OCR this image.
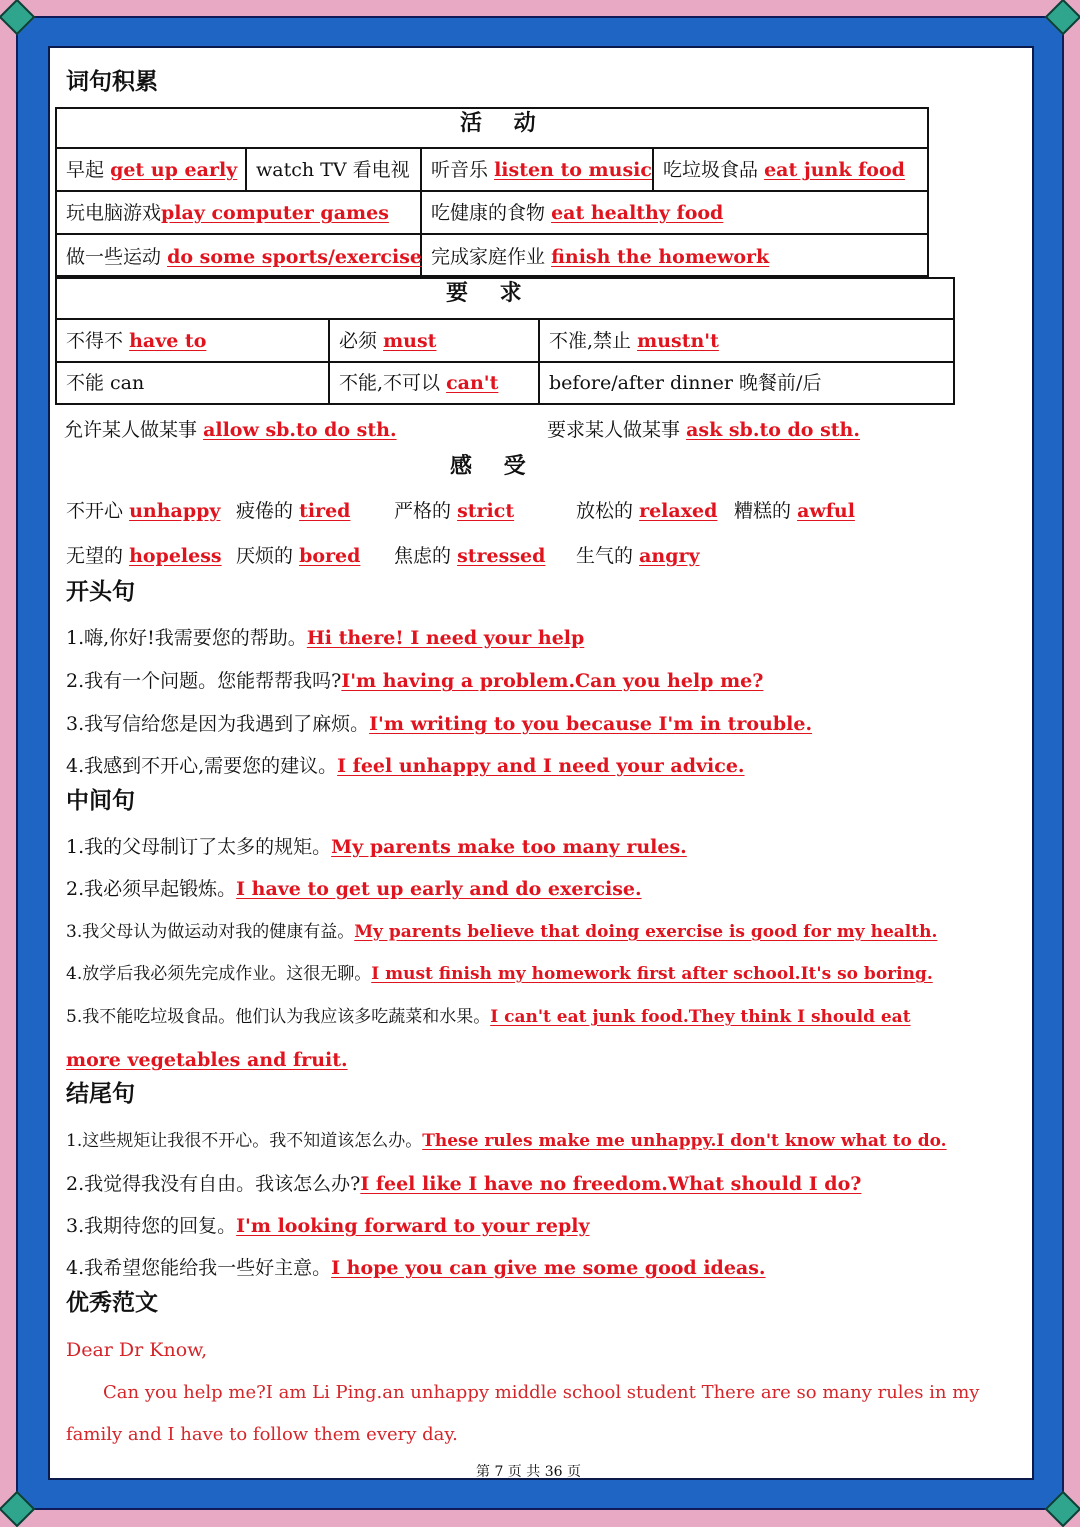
词句积累
活 动
早起 get up early watch TV 看电视 听音乐 listen to music 吃垃圾食品 eat junk food
玩电脑游戏play computer games 吃健康的食物 eat healthy food
做一些运动 do some sports/exercise 完成家庭作业 finish the homework
要 求
不得不 have to	必须 must	不准,禁止 mustn't
不能 can	不能,不可以 can't	before/after dinner 晚餐前/后
允许某人做某事 allow sb.to do sth.	要求某人做某事 ask sb.to do sth.
感 受
不开心 unhappy 疲倦的 tired 严格的 strict	放松的 relaxed 糟糕的 awful
无望的 hopeless 厌烦的 bored 焦虑的 stressed 生气的 angry
开头句
1.嗨,你好!我需要您的帮助。Hi there! I need your help
2.我有一个问题。您能帮帮我吗?I'm having a problem.Can you help me?
3.我写信给您是因为我遇到了麻烦。I'm writing to you because I'm in trouble.
4.我感到不开心,需要您的建议。I feel unhappy and I need your advice.
中间句
1.我的父母制订了太多的规矩。My parents make too many rules.
2.我必须早起锻炼。I have to get up early and do exercise.
3.我父母认为做运动对我的健康有益。My parents believe that doing exercise is good for my health.
4.放学后我必须先完成作业。这很无聊。I must finish my homework first after school.It's so boring.
5.我不能吃垃圾食品。他们认为我应该多吃蔬菜和水果。I can't eat junk food.They think I should eat
more vegetables and fruit.
结尾句
1.这些规矩让我很不开心。我不知道该怎么办。These rules make me unhappy.I don't know what to do.
2.我觉得我没有自由。我该怎么办?I feel like I have no freedom.What should I do?
3.我期待您的回复。I'm looking forward to your reply
4.我希望您能给我一些好主意。I hope you can give me some good ideas.
优秀范文
Dear Dr Know,
Can you help me?I am Li Ping.an unhappy middle school student There are so many rules in my
family and I have to follow them every day.
第 7 页 共 36 页
